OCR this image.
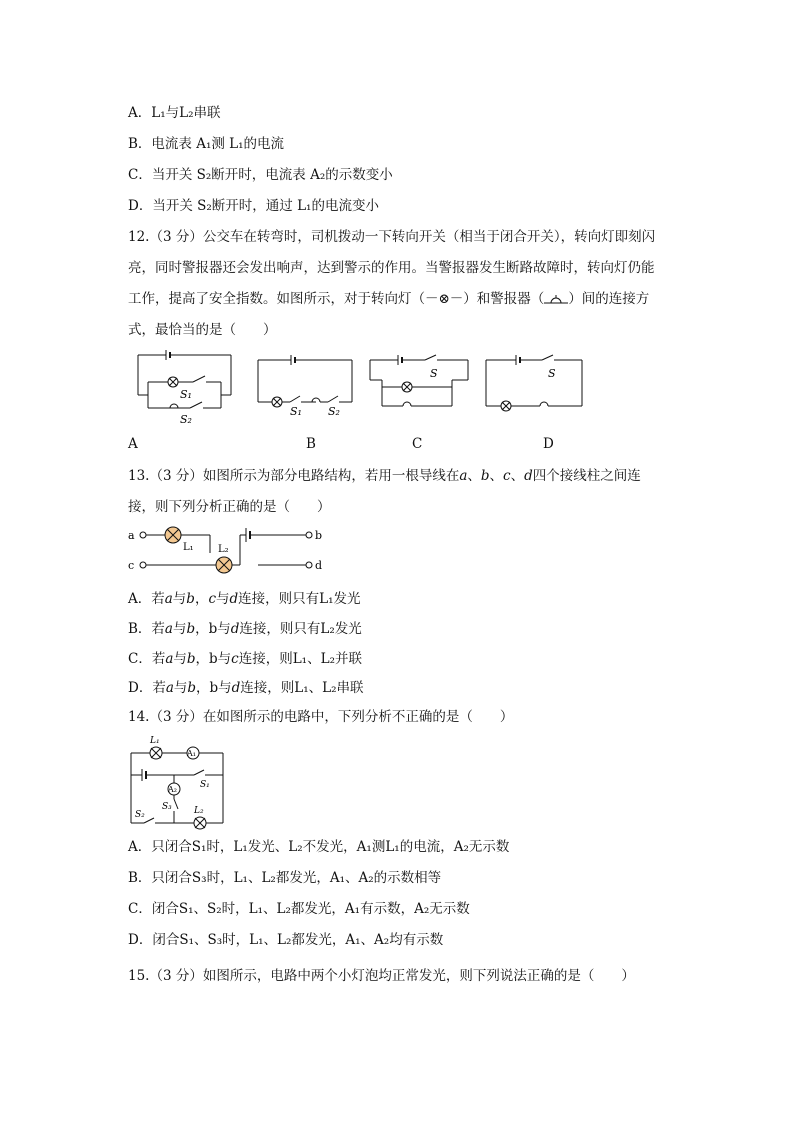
A．L₁与L₂串联
B．电流表 A₁测 L₁的电流
C．当开关 S₂断开时，电流表 A₂的示数变小
D．当开关 S₂断开时，通过 L₁的电流变小
12.（3 分）公交车在转弯时，司机拨动一下转向开关（相当于闭合开关），转向灯即刻闪
亮，同时警报器还会发出响声，达到警示的作用。当警报器发生断路故障时，转向灯仍能
工作，提高了安全指数。如图所示，对于转向灯（－⊗－）和警报器（ ）间的连接方
式，最恰当的是（　　）
S₁
S₂
A
S₁ S₂
B
S
C
S
D
13.（3 分）如图所示为部分电路结构，若用一根导线在𝑎、𝑏、𝑐、𝑑四个接线柱之间连
接，则下列分析正确的是（　　）
a
c
b
d
L₁ L₂
A．若𝑎与𝑏，𝑐与𝑑连接，则只有L₁发光
B．若𝑎与𝑏，b与𝑑连接，则只有L₂发光
C．若𝑎与𝑏，b与𝑐连接，则L₁、L₂并联
D．若𝑎与𝑏，b与𝑑连接，则L₁、L₂串联
14.（3 分）在如图所示的电路中，下列分析不正确的是（　　）
L₁
A₁
S₁
A₂
S₃
S₂	L₂
A．只闭合S₁时，L₁发光、L₂不发光，A₁测L₁的电流，A₂无示数
B．只闭合S₃时，L₁、L₂都发光，A₁、A₂的示数相等
C．闭合S₁、S₂时，L₁、L₂都发光，A₁有示数，A₂无示数
D．闭合S₁、S₃时，L₁、L₂都发光，A₁、A₂均有示数
15.（3 分）如图所示，电路中两个小灯泡均正常发光，则下列说法正确的是（　　）
